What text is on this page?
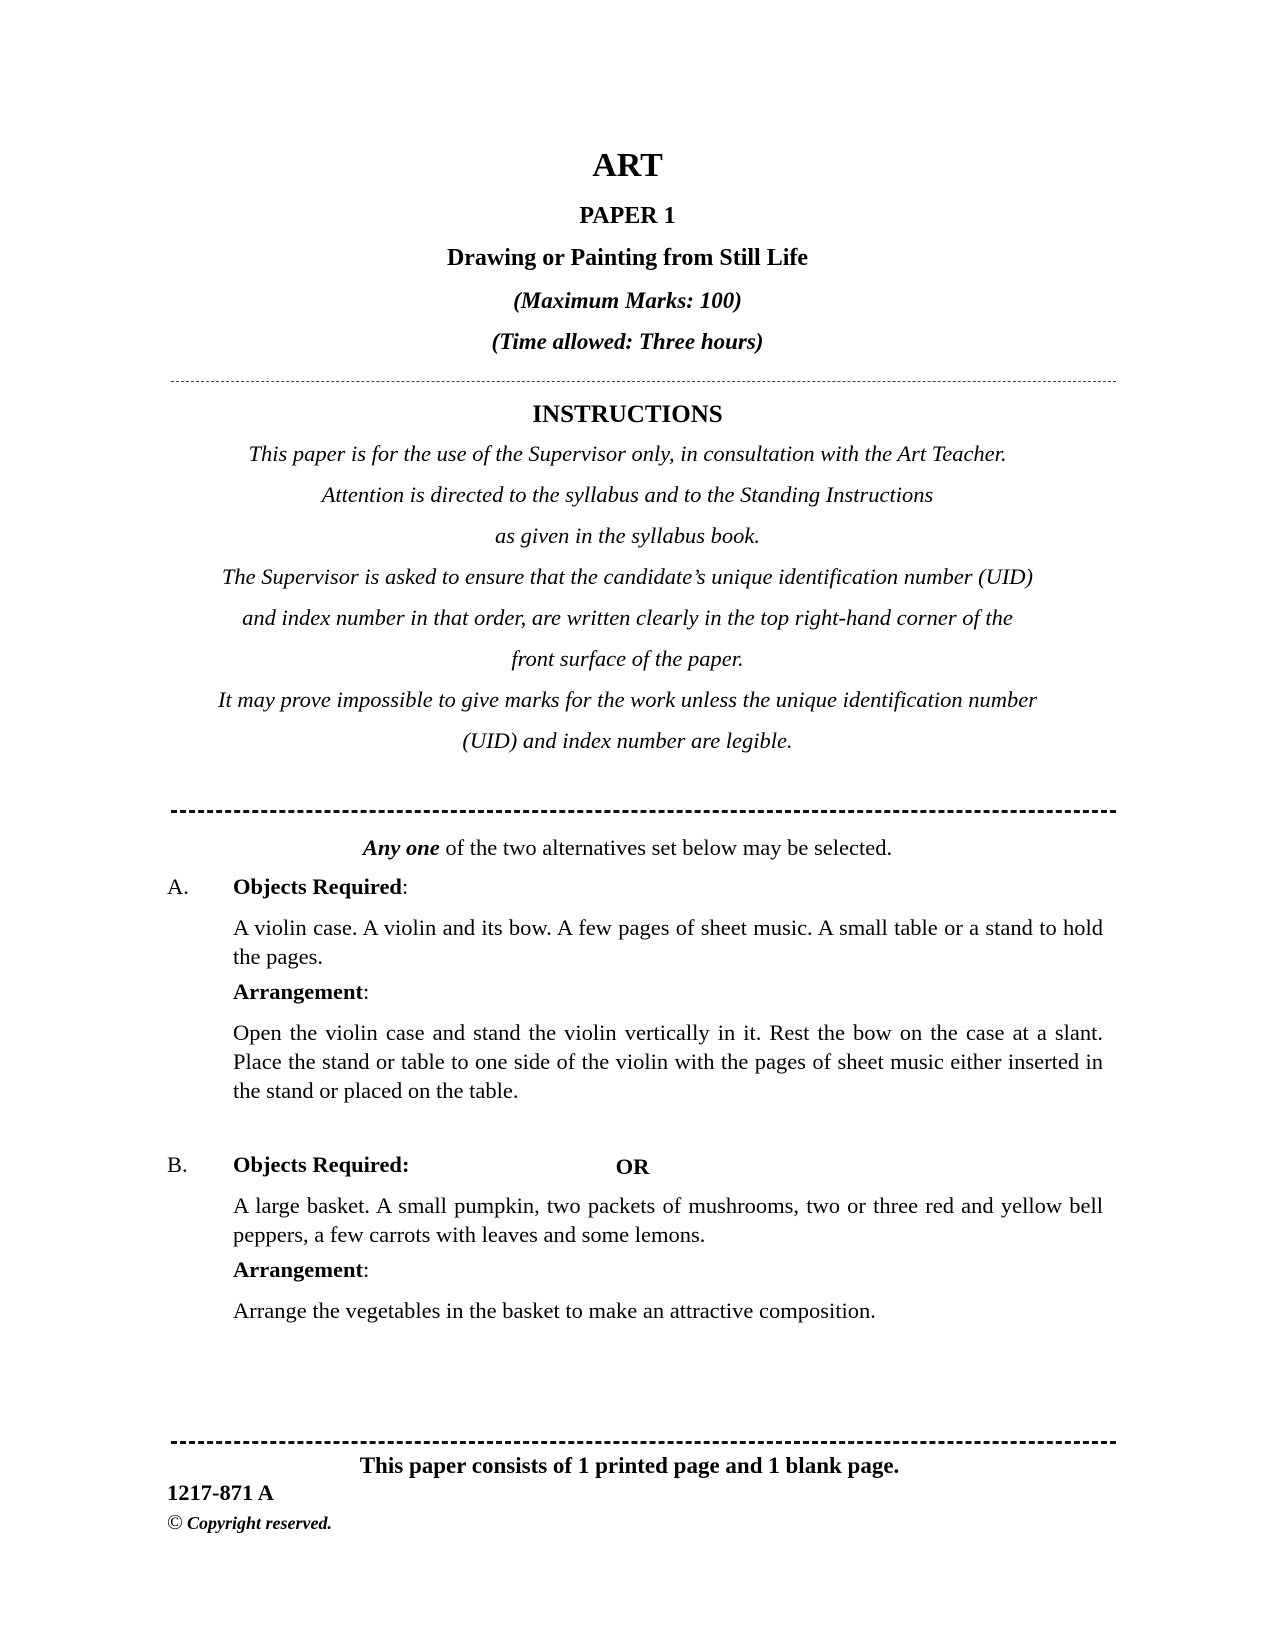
ART
PAPER 1
Drawing or Painting from Still Life
(Maximum Marks: 100)
(Time allowed: Three hours)
INSTRUCTIONS
This paper is for the use of the Supervisor only, in consultation with the Art Teacher.
Attention is directed to the syllabus and to the Standing Instructions
as given in the syllabus book.
The Supervisor is asked to ensure that the candidate’s unique identification number (UID)
and index number in that order, are written clearly in the top right-hand corner of the
front surface of the paper.
It may prove impossible to give marks for the work unless the unique identification number
(UID) and index number are legible.
Any one of the two alternatives set below may be selected.
A. Objects Required:
A violin case. A violin and its bow. A few pages of sheet music. A small table or a stand to hold the pages.
Arrangement:
Open the violin case and stand the violin vertically in it. Rest the bow on the case at a slant. Place the stand or table to one side of the violin with the pages of sheet music either inserted in the stand or placed on the table.
OR
B. Objects Required:
A large basket. A small pumpkin, two packets of mushrooms, two or three red and yellow bell peppers, a few carrots with leaves and some lemons.
Arrangement:
Arrange the vegetables in the basket to make an attractive composition.
This paper consists of 1 printed page and 1 blank page.
1217-871 A
© Copyright reserved.
